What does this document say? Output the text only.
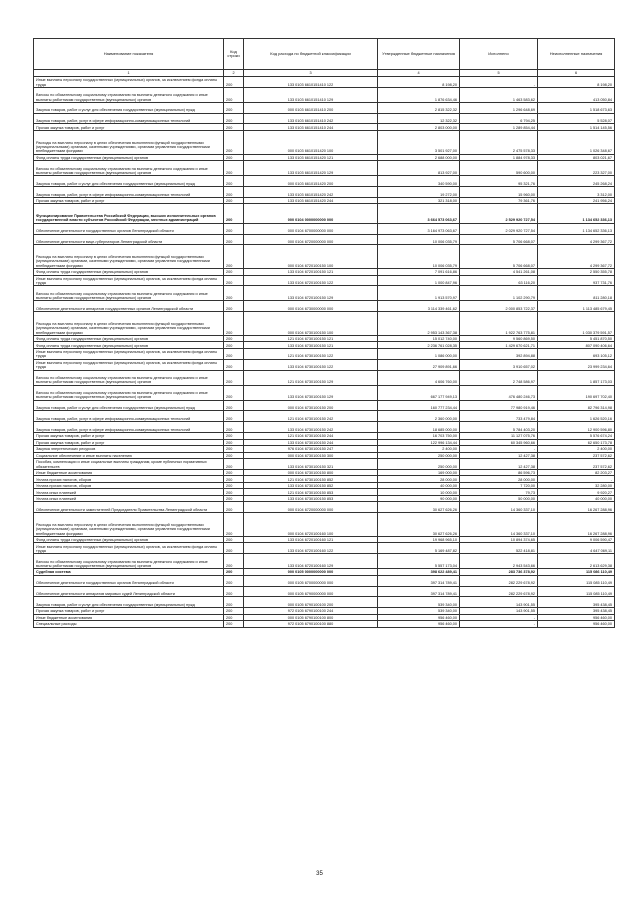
Наименование показателя	Код строки	Код расхода по бюджетной классификации	Утвержденные бюджетные назначения	Исполнено	Неисполненные назначения
1	2	3	4	5	6
Иные выплаты персоналу государственных (муниципальных) органов, за исключением фонда оплаты труда	200	133 0103 6610151410 122	8 198,20	-	8 198,20
Взносы по обязательному социальному страхованию на выплаты денежного содержания и иные выплаты работникам государственных (муниципальных) органов	200	133 0103 6610151410 129	1 876 634,46	1 463 583,62	413 050,84
Закупка товаров, работ и услуг для обеспечения государственных (муниципальных) нужд	200	000 0103 6610151410 200	2 815 322,32	1 296 648,69	1 518 673,63
Закупка товаров, работ, услуг в сфере информационно-коммуникационных технологий	200	133 0103 6610151410 242	12 322,32	6 794,25	5 528,07
Прочая закупка товаров, работ и услуг	200	133 0103 6610151410 244	2 803 000,00	1 289 854,44	1 514 145,56
Расходы на выплаты персоналу в целях обеспечения выполнения функций государственными (муниципальными) органами, казенными учреждениями, органами управления государственными внебюджетными фондами	200	000 0103 6610151420 100	3 501 927,00	2 475 578,33	1 026 348,67
Фонд оплаты труда государственных (муниципальных) органов	200	133 0103 6610151420 121	2 688 000,00	1 884 978,33	803 021,67
Взносы по обязательному социальному страхованию на выплаты денежного содержания и иные выплаты работникам государственных (муниципальных) органов	200	133 0103 6610151420 129	813 927,00	590 600,00	223 327,00
Закупка товаров, работ и услуг для обеспечения государственных (муниципальных) нужд	200	000 0103 6610151420 200	340 590,00	95 321,76	245 268,24
Закупка товаров, работ, услуг в сфере информационно-коммуникационных технологий	200	133 0103 6610151420 242	19 272,00	15 960,00	3 312,00
Прочая закупка товаров, работ и услуг	200	133 0103 6610151420 244	321 318,00	79 361,76	241 956,24
Функционирование Правительства Российской Федерации, высших исполнительных органов государственной власти субъектов Российской Федерации, местных администраций	200	000 0104 0000000000 000	3 664 573 063,67	2 529 920 727,54	1 134 652 336,13
Обеспечение деятельности государственных органов Ленинградской области	200	000 0104 6700000000 000	3 164 973 063,67	2 029 920 727,54	1 134 652 336,13
Обеспечение деятельности вице-губернаторов Ленинградской области	200	000 0104 6720000000 000	10 006 035,79	5 706 668,07	4 299 367,72
Расходы на выплаты персоналу в целях обеспечения выполнения функций государственными (муниципальными) органами, казенными учреждениями, органами управления государственными внебюджетными фондами	200	000 0104 6720100150 100	10 006 035,79	5 706 668,07	4 299 367,72
Фонд оплаты труда государственных (муниципальных) органов	200	133 0104 6720100150 121	7 091 616,86	4 541 261,08	2 550 355,78
Иные выплаты персоналу государственных (муниципальных) органов, за исключением фонда оплаты труда	200	133 0104 6720100150 122	1 000 847,96	63 116,20	937 731,76
Взносы по обязательному социальному страхованию на выплаты денежного содержания и иные выплаты работникам государственных (муниципальных) органов	200	133 0104 6720100150 129	1 913 570,97	1 102 290,79	811 280,18
Обеспечение деятельности аппаратов государственных органов Ленинградской области	200	000 0104 6730000000 000	3 114 339 461,62	2 000 853 722,37	1 113 485 679,45
Расходы на выплаты персоналу в целях обеспечения выполнения функций государственными (муниципальными) органами, казенными учреждениями, органами управления государственными внебюджетными фондами	200	000 0104 6730100150 100	2 953 143 367,38	1 922 763 775,81	1 030 379 591,57
Фонд оплаты труда государственных (муниципальных) органов	200	121 0104 6730100150 121	15 012 740,00	9 560 869,50	5 451 870,50
Фонд оплаты труда государственных (муниципальных) органов	200	133 0104 6730100150 121	2 236 761 028,35	1 429 670 621,71	807 090 406,64
Иные выплаты персоналу государственных (муниципальных) органов, за исключением фонда оплаты труда	200	121 0104 6730100150 122	1 086 000,00	392 894,88	693 105,12
Иные выплаты персоналу государственных (муниципальных) органов, за исключением фонда оплаты труда	200	133 0104 6730100150 122	27 909 891,66	3 910 657,02	23 999 234,64
Взносы по обязательному социальному страхованию на выплаты денежного содержания и иные выплаты работникам государственных (муниципальных) органов	200	121 0104 6730100150 129	4 606 760,00	2 748 586,97	1 857 173,03
Взносы по обязательному социальному страхованию на выплаты денежного содержания и иные выплаты работникам государственных (муниципальных) органов	200	133 0104 6730100150 129	667 177 949,13	476 480 246,73	190 697 702,40
Закупка товаров, работ и услуг для обеспечения государственных (муниципальных) нужд	200	000 0104 6730100150 200	160 777 234,44	77 980 919,46	82 796 314,98
Закупка товаров, работ, услуг в сфере информационно-коммуникационных технологий	200	121 0104 6730100150 242	2 360 000,00	733 479,84	1 626 520,16
Закупка товаров, работ, услуг в сфере информационно-коммуникационных технологий	200	133 0104 6730100150 242	18 685 000,00	5 784 403,20	12 900 596,80
Прочая закупка товаров, работ и услуг	200	121 0104 6730100150 244	16 703 750,00	11 127 075,76	5 576 674,24
Прочая закупка товаров, работ и услуг	200	133 0104 6730100150 244	122 996 134,44	60 345 960,66	62 650 173,78
Закупка энергетических ресурсов	200	976 0104 6730100150 247	2 400,00	-	2 400,00
Социальное обеспечение и иные выплаты населению	200	000 0104 6730100150 300	250 000,00	12 427,38	237 572,62
Пособия, компенсации и иные социальные выплаты гражданам, кроме публичных нормативных обязательств	200	133 0104 6730100150 321	250 000,00	12 427,38	237 572,62
Иные бюджетные ассигнования	200	000 0104 6730100150 800	169 000,00	86 596,73	82 203,27
Уплата прочих налогов, сборов	200	121 0104 6730100150 852	28 000,00	28 000,00	-
Уплата прочих налогов, сборов	200	133 0104 6730100150 852	40 000,00	7 720,00	32 280,00
Уплата иных платежей	200	121 0104 6730100150 853	10 000,00	79,73	9 920,27
Уплата иных платежей	200	133 0104 6730100150 853	90 000,00	50 000,00	40 000,00
Обеспечение деятельности заместителей Председателя Правительства Ленинградской области	200	000 0104 6720000000 000	30 627 626,26	14 360 337,10	16 267 288,96
Расходы на выплаты персоналу в целях обеспечения выполнения функций государственными (муниципальными) органами, казенными учреждениями, органами управления государственными внебюджетными фондами	200	000 0104 6720100160 100	30 627 626,26	14 360 337,10	16 267 288,96
Фонд оплаты труда государственных (муниципальных) органов	200	133 0104 6720100160 121	19 968 965,10	10 894 374,65	9 006 590,47
Иные выплаты персоналу государственных (муниципальных) органов, за исключением фонда оплаты труда	200	133 0104 6720100160 122	5 169 487,82	522 418,81	4 647 069,11
Взносы по обязательному социальному страхованию на выплаты денежного содержания и иные выплаты работникам государственных (муниципальных) органов	200	133 0104 6720100160 129	5 557 173,04	2 943 543,66	2 613 629,38
Судебная система	200	000 0105 0000000000 000	398 622 489,41	283 736 378,92	115 086 110,49
Обеспечение деятельности государственных органов Ленинградской области	200	000 0105 6700000000 000	397 314 789,41	282 229 678,92	115 085 110,49
Обеспечение деятельности аппаратов мировых судей Ленинградской области	200	000 0105 6790000000 000	397 314 789,41	282 229 678,92	115 085 110,49
Закупка товаров, работ и услуг для обеспечения государственных (муниципальных) нужд	200	000 0105 6790100100 200	539 340,00	143 901,55	395 438,45
Прочая закупка товаров, работ и услуг	200	972 0105 6790100100 244	539 340,00	143 901,55	395 438,45
Иные бюджетные ассигнования	200	000 0105 6790100100 800	956 460,00	-	956 460,00
Специальные расходы	200	972 0105 6790100100 880	956 460,00	-	956 460,00
35
